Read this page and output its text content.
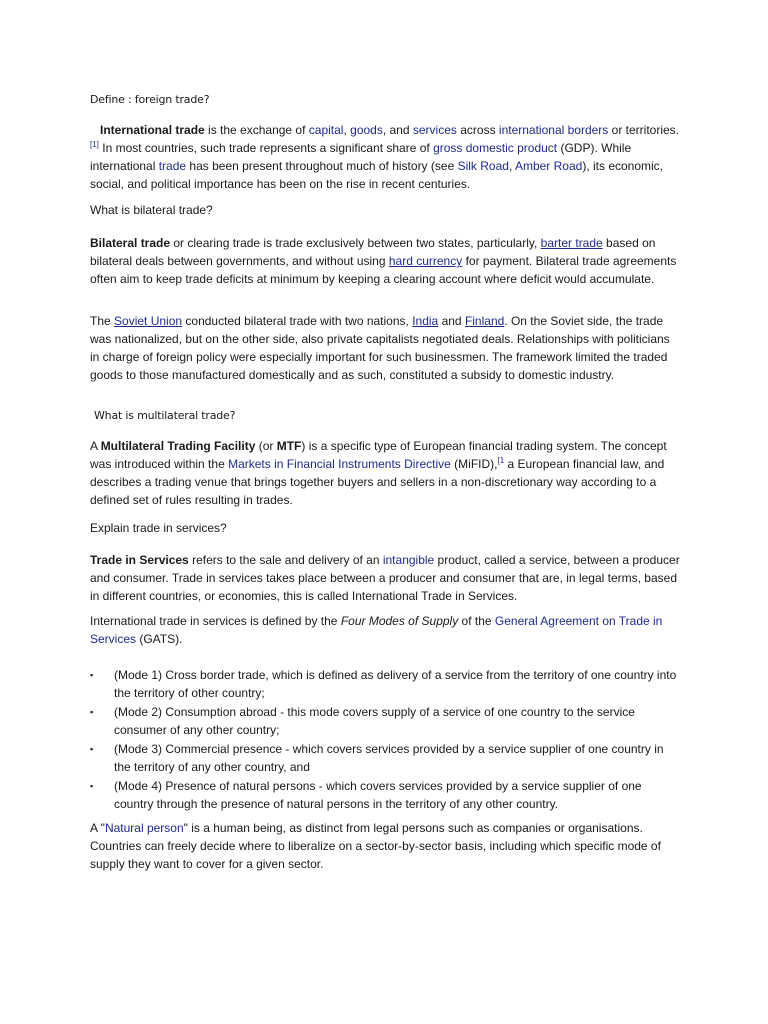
Define : foreign trade?

International trade is the exchange of capital, goods, and services across international borders or territories.[1] In most countries, such trade represents a significant share of gross domestic product (GDP). While international trade has been present throughout much of history (see Silk Road, Amber Road), its economic, social, and political importance has been on the rise in recent centuries.

What is bilateral trade?

Bilateral trade or clearing trade is trade exclusively between two states, particularly, barter trade based on bilateral deals between governments, and without using hard currency for payment. Bilateral trade agreements often aim to keep trade deficits at minimum by keeping a clearing account where deficit would accumulate.

The Soviet Union conducted bilateral trade with two nations, India and Finland. On the Soviet side, the trade was nationalized, but on the other side, also private capitalists negotiated deals. Relationships with politicians in charge of foreign policy were especially important for such businessmen. The framework limited the traded goods to those manufactured domestically and as such, constituted a subsidy to domestic industry.

What is multilateral trade?

A Multilateral Trading Facility (or MTF) is a specific type of European financial trading system. The concept was introduced within the Markets in Financial Instruments Directive (MiFID),$^{[1}$ a European financial law, and describes a trading venue that brings together buyers and sellers in a non-discretionary way according to a defined set of rules resulting in trades.

Explain trade in services?

Trade in Services refers to the sale and delivery of an intangible product, called a service, between a producer and consumer. Trade in services takes place between a producer and consumer that are, in legal terms, based in different countries, or economies, this is called International Trade in Services.

International trade in services is defined by the Four Modes of Supply of the General Agreement on Trade in Services (GATS).

▪ (Mode 1) Cross border trade, which is defined as delivery of a service from the territory of one country into the territory of other country;
▪ (Mode 2) Consumption abroad - this mode covers supply of a service of one country to the service consumer of any other country;
▪ (Mode 3) Commercial presence - which covers services provided by a service supplier of one country in the territory of any other country, and
▪ (Mode 4) Presence of natural persons - which covers services provided by a service supplier of one country through the presence of natural persons in the territory of any other country.

A "Natural person" is a human being, as distinct from legal persons such as companies or organisations. Countries can freely decide where to liberalize on a sector-by-sector basis, including which specific mode of supply they want to cover for a given sector.
